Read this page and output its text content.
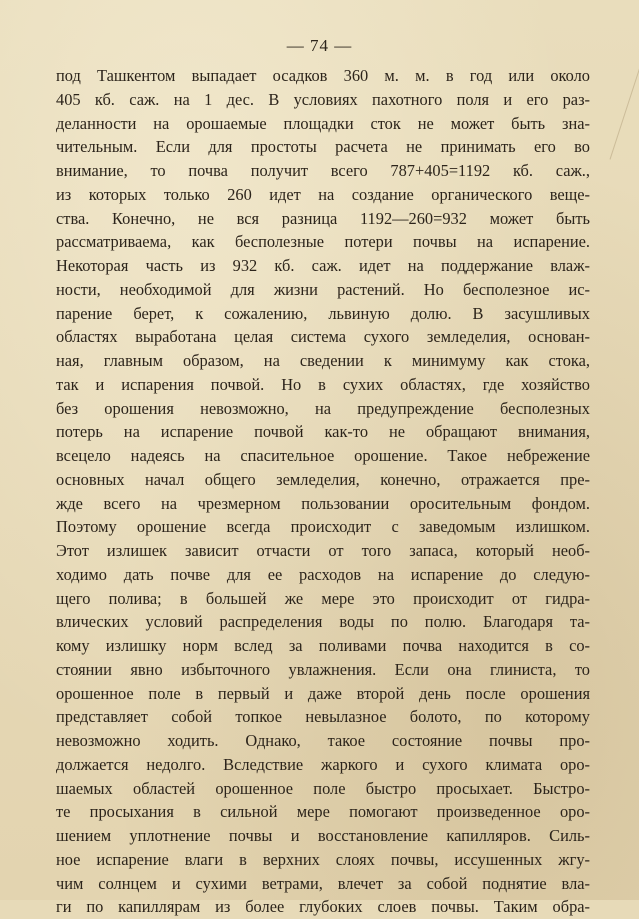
— 74 —
под Ташкентом выпадает осадков 360 м. м. в год или около
405 кб. саж. на 1 дес. В условиях пахотного поля и его раз-
деланности на орошаемые площадки сток не может быть зна-
чительным. Если для простоты расчета не принимать его во
внимание, то почва получит всего 787+405=1192 кб. саж.,
из которых только 260 идет на создание органического веще-
ства. Конечно, не вся разница 1192—260=932 может быть
рассматриваема, как бесполезные потери почвы на испарение.
Некоторая часть из 932 кб. саж. идет на поддержание влаж-
ности, необходимой для жизни растений. Но бесполезное ис-
парение берет, к сожалению, львиную долю. В засушливых
областях выработана целая система сухого земледелия, основан-
ная, главным образом, на сведении к минимуму как стока,
так и испарения почвой. Но в сухих областях, где хозяйство
без орошения невозможно, на предупреждение бесполезных
потерь на испарение почвой как-то не обращают внимания,
всецело надеясь на спасительное орошение. Такое небрежение
основных начал общего земледелия, конечно, отражается пре-
жде всего на чрезмерном пользовании оросительным фондом.
Поэтому орошение всегда происходит с заведомым излишком.
Этот излишек зависит отчасти от того запаса, который необ-
ходимо дать почве для ее расходов на испарение до следую-
щего полива; в большей же мере это происходит от гидра-
влических условий распределения воды по полю. Благодаря та-
кому излишку норм вслед за поливами почва находится в со-
стоянии явно избыточного увлажнения. Если она глиниста, то
орошенное поле в первый и даже второй день после орошения
представляет собой топкое невылазное болото, по которому
невозможно ходить. Однако, такое состояние почвы про-
должается недолго. Вследствие жаркого и сухого климата оро-
шаемых областей орошенное поле быстро просыхает. Быстро-
те просыхания в сильной мере помогают произведенное оро-
шением уплотнение почвы и восстановление капилляров. Силь-
ное испарение влаги в верхних слоях почвы, иссушенных жгу-
чим солнцем и сухими ветрами, влечет за собой поднятие вла-
ги по капиллярам из более глубоких слоев почвы. Таким обра-
